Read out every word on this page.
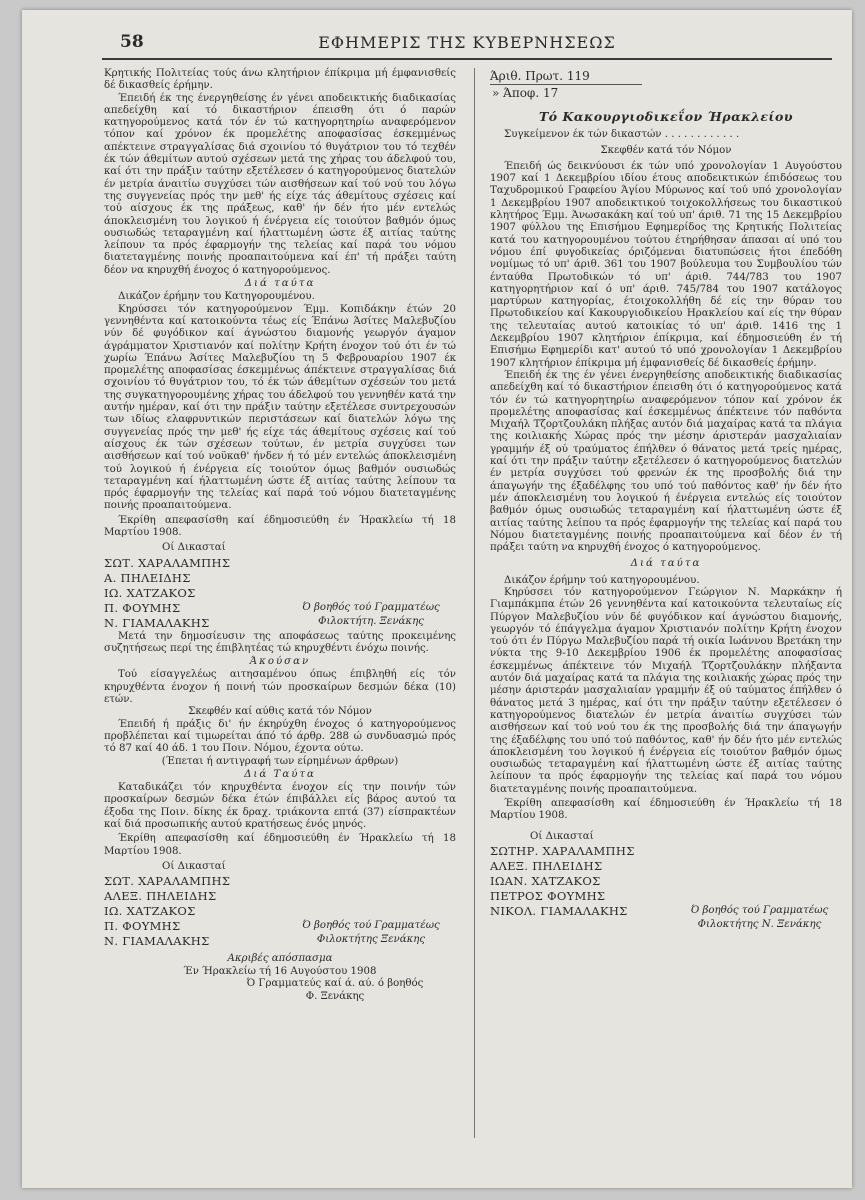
58	ΕΦΗΜΕΡΙΣ ΤΗΣ ΚΥΒΕΡΝΗΣΕΩΣ

Κρητικής Πολιτείας τούς άνω κλητήριον έπίκριμα μή έμφανισθείς δέ δικασθείς έρήμην.

Έπειδή έκ της ένεργηθείσης έν γένει αποδεικτικής διαδικασίας απεδείχθη καί τό δικαστήριον έπεισθη ότι ό παρών κατηγορούμενος κατά τόν έν τώ κατηγορητηρίω αναφερόμενον τόπον καί χρόνον έκ προμελέτης αποφασίσας έσκεμμένως απέκτεινε στραγγαλίσας διά σχοινίου τό θυγάτριον του τό τεχθέν έκ τών άθεμίτων αυτού σχέσεων μετά της χήρας του άδελφού του, καί ότι την πράξιν ταύτην εξετέλεσεν ό κατηγορούμενος διατελών έν μετρία άναιτίω συγχύσει τών αισθήσεων καί τού νού του λόγω της συγγενείας πρός την μεθ' ής είχε τάς άθεμίτους σχέσεις καί τού αίσχους έκ της πράξεως, καθ' ήν δέν ήτο μέν εντελώς άποκλεισμένη του λογικού ή ένέργεια είς τοιούτον βαθμόν όμως ουσιωδώς τεταραγμένη καί ήλαττωμένη ώστε έξ αιτίας ταύτης λείπουν τα πρός έφαρμογήν της τελείας καί παρά του νόμου διατεταγμένης ποινής προαπαιτούμενα καί έπ' τή πράξει ταύτη δέον να κηρυχθή ένοχος ό κατηγορούμενος.

Διά ταύτα

Δικάζον έρήμην του Κατηγορουμένου.

Κηρύσσει τόν κατηγορούμενον Έμμ. Κοπιδάκην έτών 20 γεννηθέντα καί κατοικούντα τέως είς Έπάνω Άσίτες Μαλεβυζίου νύν δέ φυγόδικον καί άγνώστου διαμονής γεωργόν άγαμον άγράμματον Χριστιανόν καί πολίτην Κρήτη ένοχον τού ότι έν τώ χωρίω Έπάνω Άσίτες Μαλεβυζίου τη 5 Φεβρουαρίου 1907 έκ προμελέτης αποφασίσας έσκεμμένως άπέκτεινε στραγγαλίσας διά σχοινίου τό θυγάτριον του, τό έκ τών άθεμίτων σχέσεών του μετά της συγκατηγορουμένης χήρας του άδελφού του γεννηθέν κατά την αυτήν ημέραν, καί ότι την πράξιν ταύτην εξετέλεσε συντρεχουσών των ιδίως ελαφρυντικών περιστάσεων καί διατελών λόγω της συγγενείας πρός την μεθ' ής είχε τάς άθεμίτους σχέσεις καί τού αίσχους έκ τών σχέσεων τούτων, έν μετρία συγχύσει των αισθήσεων καί τού νοϋκαθ' ήνδεν ή τό μέν εντελώς άποκλεισμένη τού λογικού ή ένέργεια είς τοιούτον όμως βαθμόν ουσιωδώς τεταραγμένη καί ήλαττωμένη ώστε έξ αιτίας ταύτης λείπουν τα πρός έφαρμογήν της τελείας καί παρά τού νόμου διατεταγμένης ποινής προαπαιτούμενα.

Έκρίθη απεφασίσθη καί έδημοσιεύθη έν Ήρακλείω τή 18 Μαρτίου 1908.

Οί Δικασταί
ΣΩΤ. ΧΑΡΑΛΑΜΠΗΣ
Α. ΠΗΛΕΙΔΗΣ
ΙΩ. ΧΑΤΖΑΚΟΣ
Π. ΦΟΥΜΗΣ
Ν. ΓΙΑΜΑΛΑΚΗΣ
Ό βοηθός τού Γραμματέως
Φιλοκτήτη. Ξενάκης

Μετά την δημοσίευσιν της αποφάσεως ταύτης προκειμένης συζητήσεως περί της έπιβλητέας τώ κηρυχθέντι ένόχω ποινής.

Άκούσαν

Τού είσαγγελέως αιτησαμένου όπως έπιβληθή είς τόν κηρυχθέντα ένοχον ή ποινή τών προσκαίρων δεσμών δέκα (10) ετών.

Σκεφθέν καί αύθις κατά τόν Νόμον

Έπειδή ή πράξις δι' ήν έκηρύχθη ένοχος ό κατηγορούμενος προβλέπεται καί τιμωρείται άπό τό άρθρ. 288 ώ συνδυασμώ πρός τό 87 καί 40 άδ. 1 του Ποιν. Νόμου, έχοντα ούτω.

(Έπεται ή αντιγραφή των είρημένων άρθρων)

Διά Ταύτα

Καταδικάζει τόν κηρυχθέντα ένοχον είς την ποινήν τών προσκαίρων δεσμών δέκα έτών έπιβάλλει είς βάρος αυτού τα έξοδα της Ποιν. δίκης έκ δραχ. τριάκοντα επτά (37) είσπρακτέων καί διά προσωπικής αυτού κρατήσεως ένός μηνός.

Έκρίθη απεφασίσθη καί έδημοσιεύθη έν Ήρακλείω τή 18 Μαρτίου 1908.

Οί Δικασταί
ΣΩΤ. ΧΑΡΑΛΑΜΠΗΣ
ΑΛΕΞ. ΠΗΛΕΙΔΗΣ
ΙΩ. ΧΑΤΖΑΚΟΣ
Π. ΦΟΥΜΗΣ
Ν. ΓΙΑΜΑΛΑΚΗΣ
Ό βοηθός τού Γραμματέως
Φιλοκτήτης Ξενάκης
Ακριβές απόσπασμα
Έν Ήρακλείω τή 16 Αυγούστου 1908
Ό Γραμματεύς καί ά. αύ. ό βοηθός
Φ. Ξενάκης
Άριθ. Πρωτ. 119
» Άποφ. 17
Τό Κακουργιοδικεΐον Ήρακλείου

Συγκείμενον έκ τών δικαστών . . . . . . . . . . . .

Σκεφθέν κατά τόν Νόμον

Έπειδή ώς δεικνύουσι έκ τών υπό χρονολογίαν 1 Αυγούστου 1907 καί 1 Δεκεμβρίου ιδίου έτους αποδεικτικών έπιδόσεως του Ταχυδρομικού Γραφείου Άγίου Μύρωνος καί τού υπό χρονολογίαν 1 Δεκεμβρίου 1907 αποδεικτικού τοιχοκολλήσεως του δικαστικού κλητήρος Έμμ. Άνωσακάκη καί τού υπ' άριθ. 71 της 15 Δεκεμβρίου 1907 φύλλου της Επισήμου Εφημερίδος της Κρητικής Πολιτείας κατά του κατηγορουμένου τούτου έτηρήθησαν άπασαι αί υπό του νόμου έπί φυγοδικείας όριζόμεναι διατυπώσεις ήτοι έπεδόθη νομίμως τό υπ' άριθ. 361 του 1907 βούλευμα του Συμβουλίου τών ένταύθα Πρωτοδικών τό υπ' άριθ. 744/783 του 1907 κατηγορητήριον καί ό υπ' άριθ. 745/784 του 1907 κατάλογος μαρτύρων κατηγορίας, έτοιχοκολλήθη δέ είς την θύραν του Πρωτοδικείου καί Κακουργιοδικείου Ηρακλείου καί είς την θύραν της τελευταίας αυτού κατοικίας τό υπ' άριθ. 1416 της 1 Δεκεμβρίου 1907 κλητήριον έπίκριμα, καί έδημοσιεύθη έν τή Επισήμω Εφημερίδι κατ' αυτού τό υπό χρονολογίαν 1 Δεκεμβρίου 1907 κλητήριον έπίκριμα μή έμφανισθείς δέ δικασθείς έρήμην.

Έπειδή έκ της έν γένει ένεργηθείσης αποδεικτικής διαδικασίας απεδείχθη καί τό δικαστήριον έπεισθη ότι ό κατηγορούμενος κατά τόν έν τώ κατηγορητηρίω αναφερόμενον τόπον καί χρόνον έκ προμελέτης αποφασίσας καί έσκεμμένως άπέκτεινε τόν παθόντα Μιχαήλ Τζορτζουλάκη πλήξας αυτόν διά μαχαίρας κατά τα πλάγια της κοιλιακής Χώρας πρός την μέσην άριστεράν μασχαλιαίαν γραμμήν έξ ού τραύματος έπήλθεν ό θάνατος μετά τρείς ημέρας, καί ότι την πράξιν ταύτην εξετέλεσεν ό κατηγορούμενος διατελών έν μετρία συγχύσει τού φρενών έκ της προσβολής διά την άπαγωγήν της έξαδέλφης του υπό τού παθόντος καθ' ήν δέν ήτο μέν άποκλεισμένη του λογικού ή ένέργεια εντελώς είς τοιούτον βαθμόν όμως ουσιωδώς τεταραγμένη καί ήλαττωμένη ώστε έξ αιτίας ταύτης λείπου τα πρός έφαρμογήν της τελείας καί παρά του Νόμου διατεταγμένης ποινής προαπαιτούμενα καί δέον έν τή πράξει ταύτη να κηρυχθή ένοχος ό κατηγορούμενος.

Διά ταύτα

Δικάζον έρήμην τού κατηγορουμένου.

Κηρύσσει τόν κατηγορούμενον Γεώργιον Ν. Μαρκάκην ή Γιαμπάκμπα έτών 26 γεννηθέντα καί κατοικούντα τελευταίως είς Πύργον Μαλεβυζίου νύν δέ φυγόδικον καί άγνώστου διαμονής, γεωργόν τό έπάγγελμα άγαμον Χριστιανόν πολίτην Κρήτη ένοχον τού ότι έν Πύργω Μαλεβυζίου παρά τή οικία Ιωάννου Βρετάκη την νύκτα της 9-10 Δεκεμβρίου 1906 έκ προμελέτης αποφασίσας έσκεμμένως άπέκτεινε τόν Μιχαήλ Τζορτζουλάκην πλήξαντα αυτόν διά μαχαίρας κατά τα πλάγια της κοιλιακής χώρας πρός την μέσην άριστεράν μασχαλιαίαν γραμμήν έξ ού ταύματος έπήλθεν ό θάνατος μετά 3 ημέρας, καί ότι την πράξιν ταύτην εξετέλεσεν ό κατηγορούμενος διατελών έν μετρία άναιτίω συγχύσει τών αισθήσεων καί τού νού του έκ της προσβολής διά την άπαγωγήν της έξαδέλφης του υπό τού παθόντος, καθ' ήν δέν ήτο μέν εντελώς άποκλεισμένη του λογικού ή ένέργεια είς τοιούτον βαθμόν όμως ουσιωδώς τεταραγμένη καί ήλαττωμένη ώστε έξ αιτίας ταύτης λείπουν τα πρός έφαρμογήν της τελείας καί παρά του νόμου διατεταγμένης ποινής προαπαιτούμενα.

Έκρίθη απεφασίσθη καί έδημοσιεύθη έν Ήρακλείω τή 18 Μαρτίου 1908.

Οί Δικασταί
ΣΩΤΗΡ. ΧΑΡΑΛΑΜΠΗΣ
ΑΛΕΞ. ΠΗΛΕΙΔΗΣ
ΙΩΑΝ. ΧΑΤΖΑΚΟΣ
ΠΕΤΡΟΣ ΦΟΥΜΗΣ
ΝΙΚΟΛ. ΓΙΑΜΑΛΑΚΗΣ	Ό βοηθός τού Γραμματέως
Φιλοκτήτης Ν. Ξενάκης
